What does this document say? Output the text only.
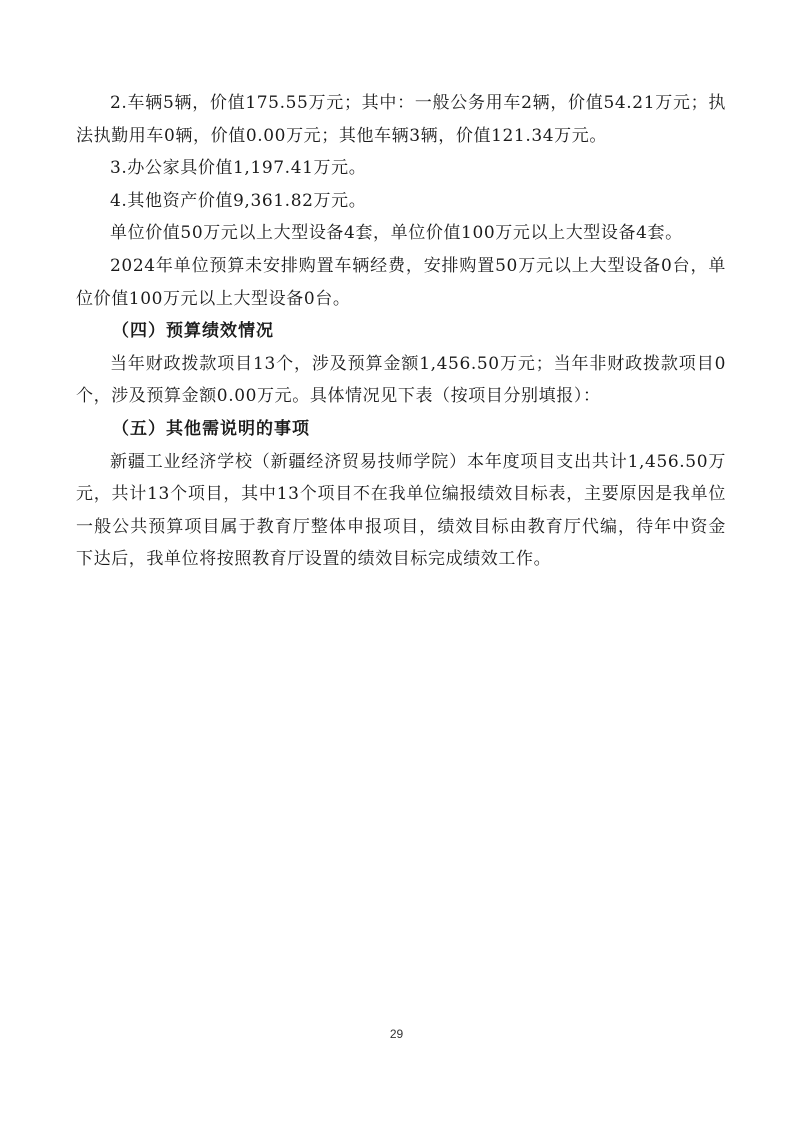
2.车辆5辆，价值175.55万元；其中：一般公务用车2辆，价值54.21万元；执法执勤用车0辆，价值0.00万元；其他车辆3辆，价值121.34万元。

3.办公家具价值1,197.41万元。

4.其他资产价值9,361.82万元。

单位价值50万元以上大型设备4套，单位价值100万元以上大型设备4套。

2024年单位预算未安排购置车辆经费，安排购置50万元以上大型设备0台，单位价值100万元以上大型设备0台。

（四）预算绩效情况

当年财政拨款项目13个，涉及预算金额1,456.50万元；当年非财政拨款项目0个，涉及预算金额0.00万元。具体情况见下表（按项目分别填报）：

（五）其他需说明的事项

新疆工业经济学校（新疆经济贸易技师学院）本年度项目支出共计1,456.50万元，共计13个项目，其中13个项目不在我单位编报绩效目标表，主要原因是我单位一般公共预算项目属于教育厅整体申报项目，绩效目标由教育厅代编，待年中资金下达后，我单位将按照教育厅设置的绩效目标完成绩效工作。

29
